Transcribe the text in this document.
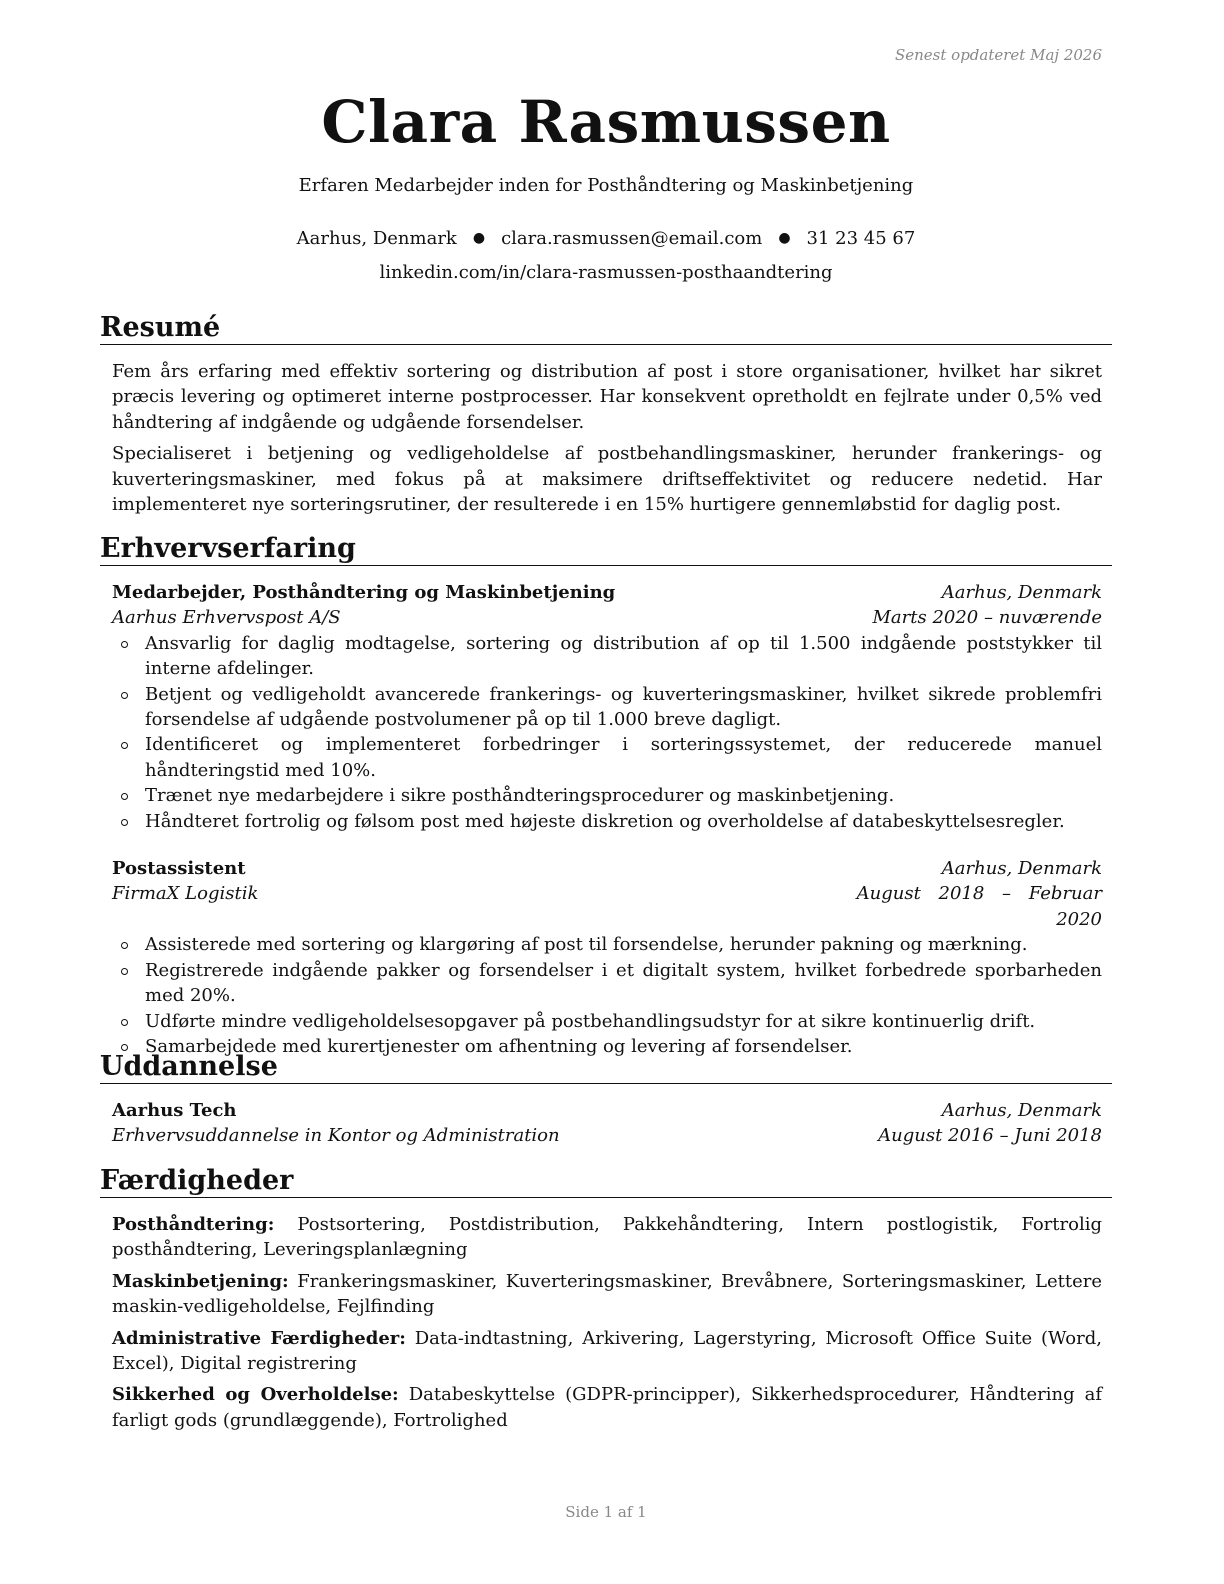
Senest opdateret Maj 2026
Clara Rasmussen
Erfaren Medarbejder inden for Posthåndtering og Maskinbetjening
Aarhus, Denmark ● clara.rasmussen@email.com ● 31 23 45 67
linkedin.com/in/clara-rasmussen-posthaandtering
Resumé

Fem års erfaring med effektiv sortering og distribution af post i store organisationer, hvilket har sikret præcis levering og optimeret interne postprocesser. Har konsekvent opretholdt en fejlrate under 0,5% ved håndtering af indgående og udgående forsendelser.

Specialiseret i betjening og vedligeholdelse af postbehandlingsmaskiner, herunder frankerings- og kuverteringsmaskiner, med fokus på at maksimere driftseffektivitet og reducere nedetid. Har implementeret nye sorteringsrutiner, der resulterede i en 15% hurtigere gennemløbstid for daglig post.

Erhvervserfaring
Medarbejder, Posthåndtering og Maskinbetjening	Aarhus, Denmark
Aarhus Erhvervspost A/S	Marts 2020 – nuværende
Ansvarlig for daglig modtagelse, sortering og distribution af op til 1.500 indgående poststykker til interne afdelinger.
Betjent og vedligeholdt avancerede frankerings- og kuverteringsmaskiner, hvilket sikrede problemfri forsendelse af udgående postvolumener på op til 1.000 breve dagligt.
Identificeret og implementeret forbedringer i sorteringssystemet, der reducerede manuel håndteringstid med 10%.
Trænet nye medarbejdere i sikre posthåndteringsprocedurer og maskinbetjening.
Håndteret fortrolig og følsom post med højeste diskretion og overholdelse af databeskyttelsesregler.
Postassistent	Aarhus, Denmark
FirmaX Logistik	August 2018 – Februar
2020
Assisterede med sortering og klargøring af post til forsendelse, herunder pakning og mærkning.
Registrerede indgående pakker og forsendelser i et digitalt system, hvilket forbedrede sporbarheden med 20%.
Udførte mindre vedligeholdelsesopgaver på postbehandlingsudstyr for at sikre kontinuerlig drift.
Samarbejdede med kurertjenester om afhentning og levering af forsendelser.
Uddannelse
Aarhus Tech	Aarhus, Denmark
Erhvervsuddannelse in Kontor og Administration	August 2016 – Juni 2018
Færdigheder

Posthåndtering: Postsortering, Postdistribution, Pakkehåndtering, Intern postlogistik, Fortrolig posthåndtering, Leveringsplanlægning

Maskinbetjening: Frankeringsmaskiner, Kuverteringsmaskiner, Brevåbnere, Sorteringsmaskiner, Lettere maskin-vedligeholdelse, Fejlfinding

Administrative Færdigheder: Data-indtastning, Arkivering, Lagerstyring, Microsoft Office Suite (Word, Excel), Digital registrering

Sikkerhed og Overholdelse: Databeskyttelse (GDPR-principper), Sikkerhedsprocedurer, Håndtering af farligt gods (grundlæggende), Fortrolighed

Side 1 af 1
